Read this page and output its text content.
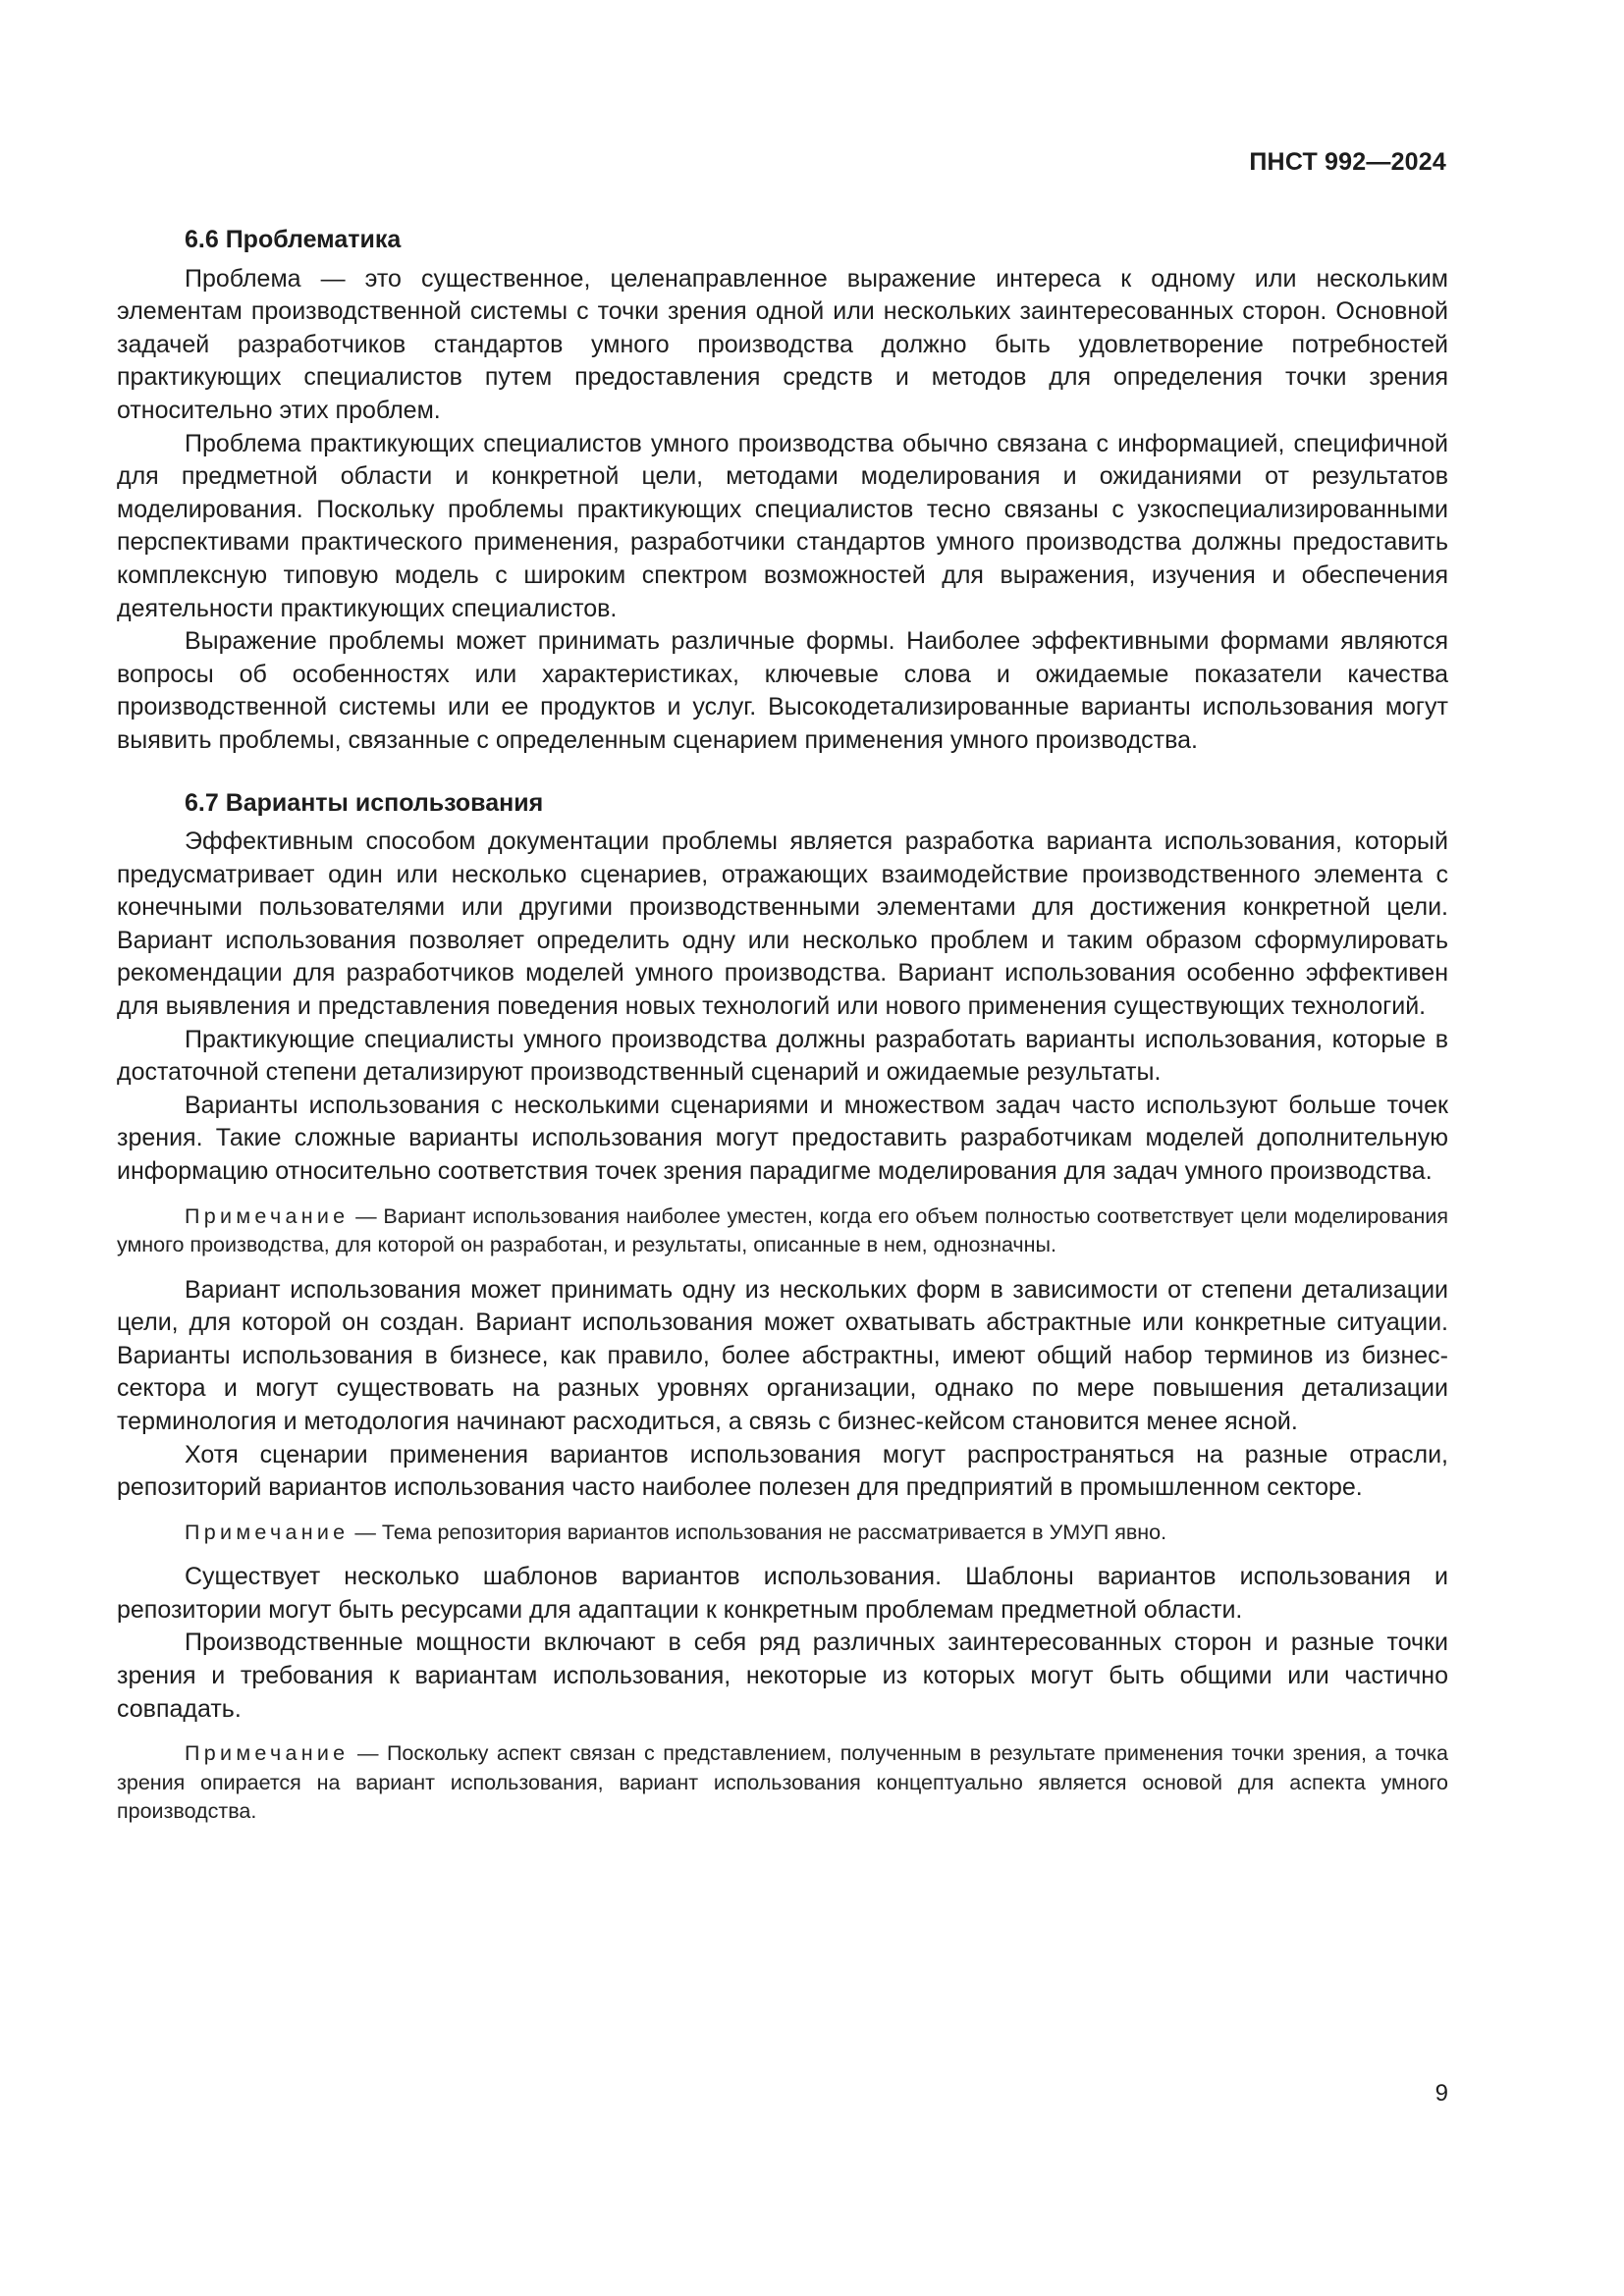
ПНСТ 992—2024
6.6 Проблематика

Проблема — это существенное, целенаправленное выражение интереса к одному или нескольким элементам производственной системы с точки зрения одной или нескольких заинтересованных сторон. Основной задачей разработчиков стандартов умного производства должно быть удовлетворение потребностей практикующих специалистов путем предоставления средств и методов для определения точки зрения относительно этих проблем.

Проблема практикующих специалистов умного производства обычно связана с информацией, специфичной для предметной области и конкретной цели, методами моделирования и ожиданиями от результатов моделирования. Поскольку проблемы практикующих специалистов тесно связаны с узкоспециализированными перспективами практического применения, разработчики стандартов умного производства должны предоставить комплексную типовую модель с широким спектром возможностей для выражения, изучения и обеспечения деятельности практикующих специалистов.

Выражение проблемы может принимать различные формы. Наиболее эффективными формами являются вопросы об особенностях или характеристиках, ключевые слова и ожидаемые показатели качества производственной системы или ее продуктов и услуг. Высокодетализированные варианты использования могут выявить проблемы, связанные с определенным сценарием применения умного производства.

6.7 Варианты использования

Эффективным способом документации проблемы является разработка варианта использования, который предусматривает один или несколько сценариев, отражающих взаимодействие производственного элемента с конечными пользователями или другими производственными элементами для достижения конкретной цели. Вариант использования позволяет определить одну или несколько проблем и таким образом сформулировать рекомендации для разработчиков моделей умного производства. Вариант использования особенно эффективен для выявления и представления поведения новых технологий или нового применения существующих технологий.

Практикующие специалисты умного производства должны разработать варианты использования, которые в достаточной степени детализируют производственный сценарий и ожидаемые результаты.

Варианты использования с несколькими сценариями и множеством задач часто используют больше точек зрения. Такие сложные варианты использования могут предоставить разработчикам моделей дополнительную информацию относительно соответствия точек зрения парадигме моделирования для задач умного производства.

Примечание — Вариант использования наиболее уместен, когда его объем полностью соответствует цели моделирования умного производства, для которой он разработан, и результаты, описанные в нем, однозначны.

Вариант использования может принимать одну из нескольких форм в зависимости от степени детализации цели, для которой он создан. Вариант использования может охватывать абстрактные или конкретные ситуации. Варианты использования в бизнесе, как правило, более абстрактны, имеют общий набор терминов из бизнес-сектора и могут существовать на разных уровнях организации, однако по мере повышения детализации терминология и методология начинают расходиться, а связь с бизнес-кейсом становится менее ясной.

Хотя сценарии применения вариантов использования могут распространяться на разные отрасли, репозиторий вариантов использования часто наиболее полезен для предприятий в промышленном секторе.

Примечание — Тема репозитория вариантов использования не рассматривается в УМУП явно.

Существует несколько шаблонов вариантов использования. Шаблоны вариантов использования и репозитории могут быть ресурсами для адаптации к конкретным проблемам предметной области.

Производственные мощности включают в себя ряд различных заинтересованных сторон и разные точки зрения и требования к вариантам использования, некоторые из которых могут быть общими или частично совпадать.

Примечание — Поскольку аспект связан с представлением, полученным в результате применения точки зрения, а точка зрения опирается на вариант использования, вариант использования концептуально является основой для аспекта умного производства.

9
